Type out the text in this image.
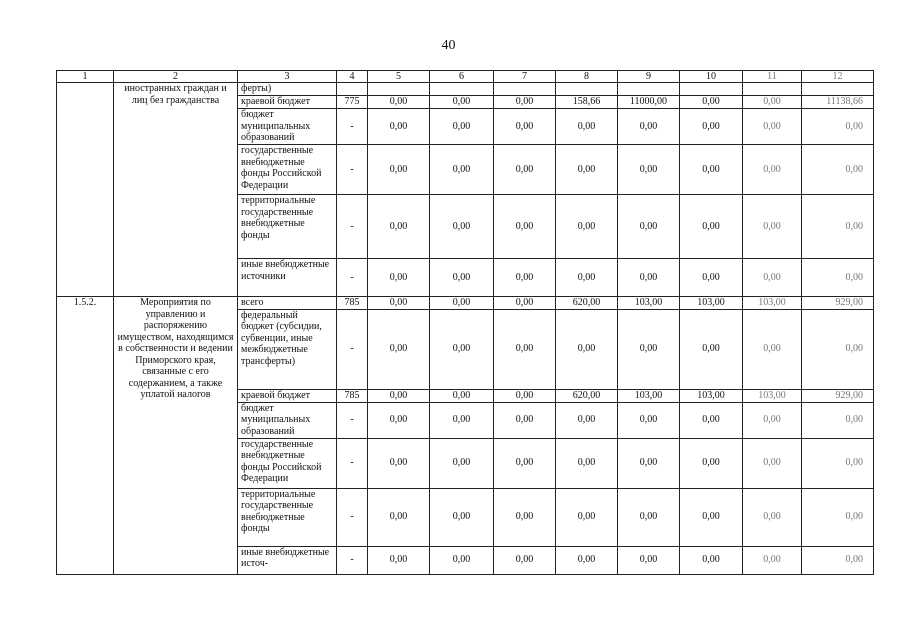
40
1	2	3	4	5	6	7	8	9	10	11	12
	иностранных граждан и лиц без гражданства	ферты)									
		краевой бюджет	775	0,00	0,00	0,00	158,66	11000,00	0,00	0,00	11138,66
		бюджет муниципальных образований	-	0,00	0,00	0,00	0,00	0,00	0,00	0,00	0,00
		государственные внебюджетные фонды Российской Федерации	-	0,00	0,00	0,00	0,00	0,00	0,00	0,00	0,00
		территориальные государственные внебюджетные фонды	-	0,00	0,00	0,00	0,00	0,00	0,00	0,00	0,00
		иные внебюджетные источники	-	0,00	0,00	0,00	0,00	0,00	0,00	0,00	0,00
1.5.2.	Мероприятия по управлению и распоряжению имуществом, находящимся в собственности и ведении Приморского края, связанные с его содержанием, а также уплатой налогов	всего	785	0,00	0,00	0,00	620,00	103,00	103,00	103,00	929,00
		федеральный бюджет (субсидии, субвенции, иные межбюджетные трансферты)	-	0,00	0,00	0,00	0,00	0,00	0,00	0,00	0,00
		краевой бюджет	785	0,00	0,00	0,00	620,00	103,00	103,00	103,00	929,00
		бюджет муниципальных образований	-	0,00	0,00	0,00	0,00	0,00	0,00	0,00	0,00
		государственные внебюджетные фонды Российской Федерации	-	0,00	0,00	0,00	0,00	0,00	0,00	0,00	0,00
		территориальные государственные внебюджетные фонды	-	0,00	0,00	0,00	0,00	0,00	0,00	0,00	0,00
		иные внебюджетные источ-	-	0,00	0,00	0,00	0,00	0,00	0,00	0,00	0,00
